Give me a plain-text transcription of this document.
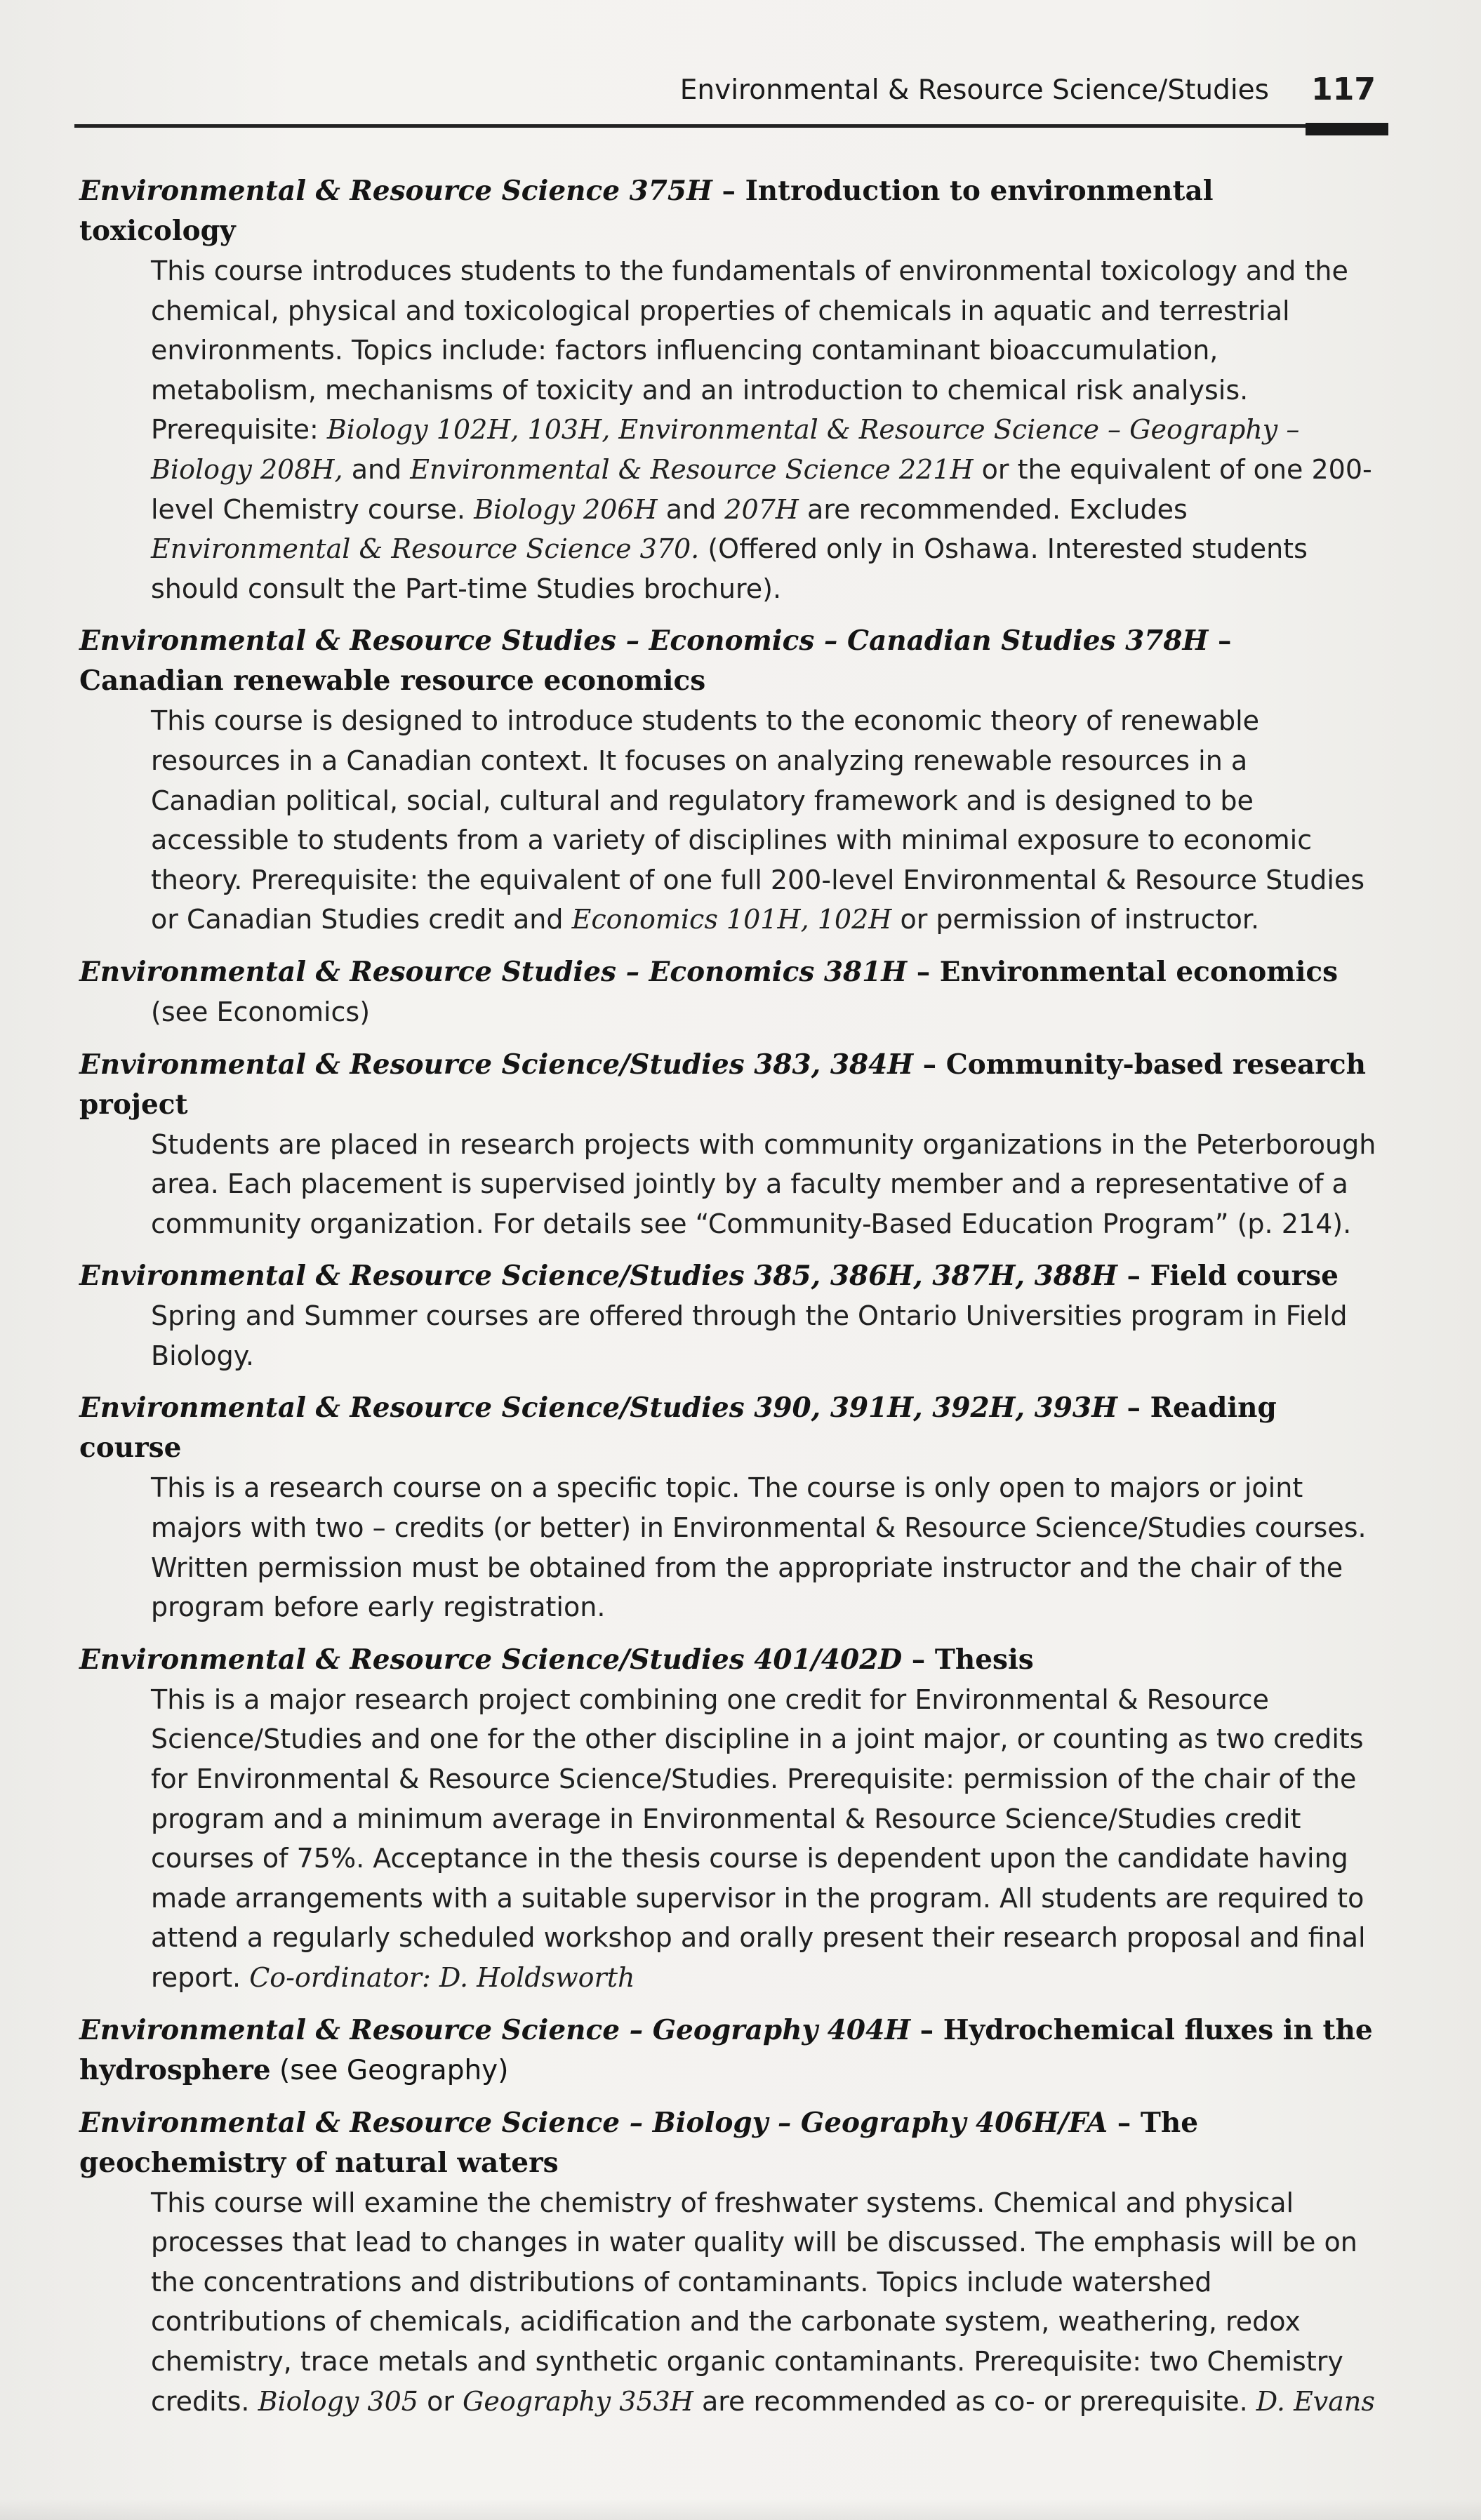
Environmental & Resource Science/Studies 117
Environmental & Resource Science 375H – Introduction to environmental toxicology
This course introduces students to the fundamentals of environmental toxicology and the chemical, physical and toxicological properties of chemicals in aquatic and terrestrial environments. Topics include: factors influencing contaminant bioaccumulation, metabolism, mechanisms of toxicity and an introduction to chemical risk analysis. Prerequisite: Biology 102H, 103H, Environmental & Resource Science – Geography – Biology 208H, and Environmental & Resource Science 221H or the equivalent of one 200-level Chemistry course. Biology 206H and 207H are recommended. Excludes Environmental & Resource Science 370. (Offered only in Oshawa. Interested students should consult the Part-time Studies brochure).
Environmental & Resource Studies – Economics – Canadian Studies 378H – Canadian renewable resource economics
This course is designed to introduce students to the economic theory of renewable resources in a Canadian context. It focuses on analyzing renewable resources in a Canadian political, social, cultural and regulatory framework and is designed to be accessible to students from a variety of disciplines with minimal exposure to economic theory. Prerequisite: the equivalent of one full 200-level Environmental & Resource Studies or Canadian Studies credit and Economics 101H, 102H or permission of instructor.
Environmental & Resource Studies – Economics 381H – Environmental economics
(see Economics)
Environmental & Resource Science/Studies 383, 384H – Community-based research project
Students are placed in research projects with community organizations in the Peterborough area. Each placement is supervised jointly by a faculty member and a representative of a community organization. For details see “Community-Based Education Program” (p. 214).
Environmental & Resource Science/Studies 385, 386H, 387H, 388H – Field course
Spring and Summer courses are offered through the Ontario Universities program in Field Biology.
Environmental & Resource Science/Studies 390, 391H, 392H, 393H – Reading course
This is a research course on a specific topic. The course is only open to majors or joint majors with two – credits (or better) in Environmental & Resource Science/Studies courses. Written permission must be obtained from the appropriate instructor and the chair of the program before early registration.
Environmental & Resource Science/Studies 401/402D – Thesis
This is a major research project combining one credit for Environmental & Resource Science/Studies and one for the other discipline in a joint major, or counting as two credits for Environmental & Resource Science/Studies. Prerequisite: permission of the chair of the program and a minimum average in Environmental & Resource Science/Studies credit courses of 75%. Acceptance in the thesis course is dependent upon the candidate having made arrangements with a suitable supervisor in the program. All students are required to attend a regularly scheduled workshop and orally present their research proposal and final report. Co-ordinator: D. Holdsworth
Environmental & Resource Science – Geography 404H – Hydrochemical fluxes in the hydrosphere (see Geography)
Environmental & Resource Science – Biology – Geography 406H/FA – The geochemistry of natural waters
This course will examine the chemistry of freshwater systems. Chemical and physical processes that lead to changes in water quality will be discussed. The emphasis will be on the concentrations and distributions of contaminants. Topics include watershed contributions of chemicals, acidification and the carbonate system, weathering, redox chemistry, trace metals and synthetic organic contaminants. Prerequisite: two Chemistry credits. Biology 305 or Geography 353H are recommended as co- or prerequisite. D. Evans
